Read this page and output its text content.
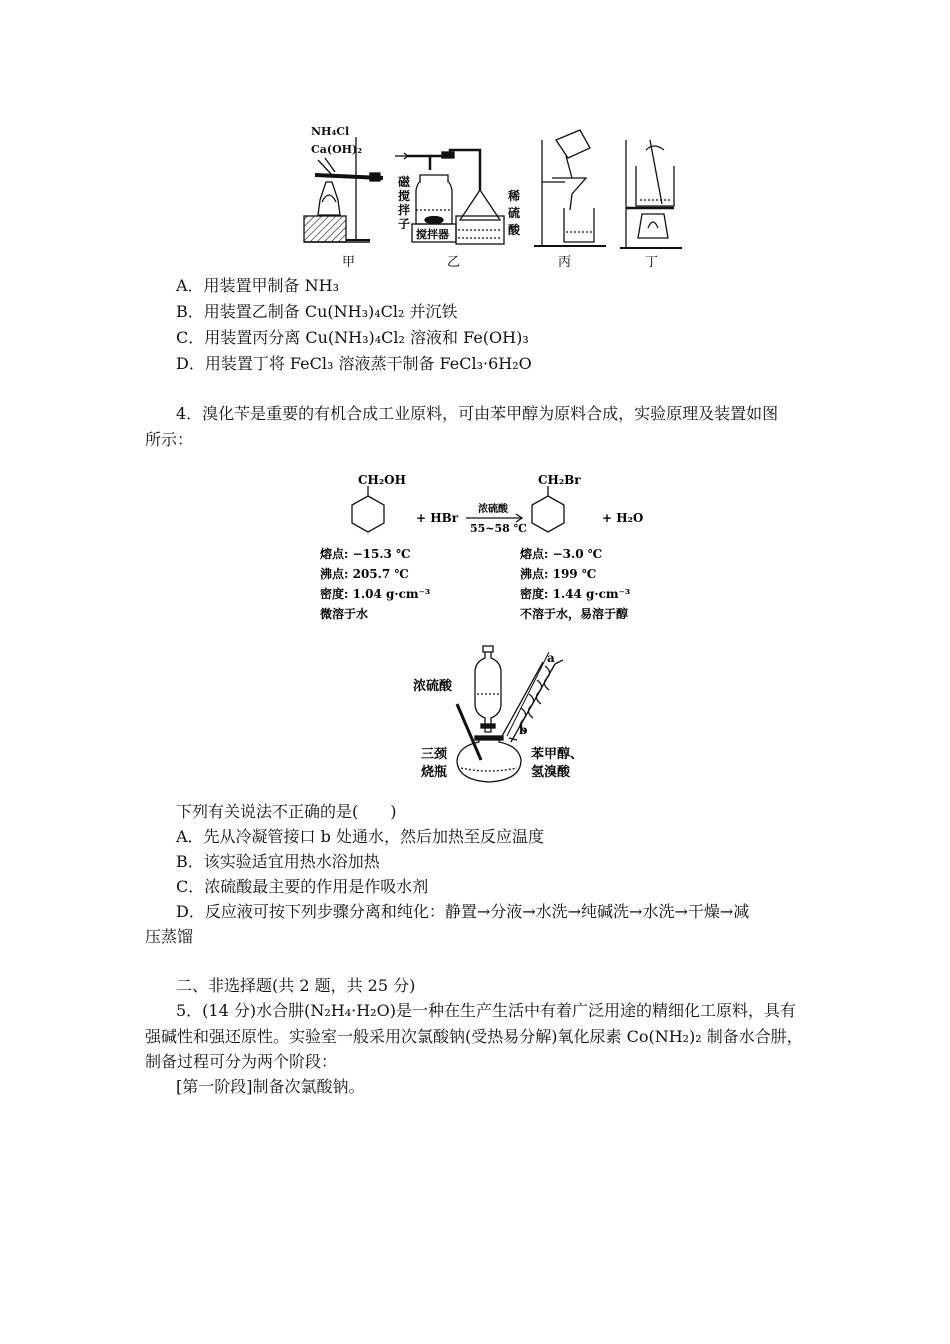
NH₄Cl
Ca(OH)₂
甲
磁
搅
拌
子
搅拌器
稀
硫
酸
乙	丙	丁
A．用装置甲制备 NH₃
B．用装置乙制备 Cu(NH₃)₄Cl₂ 并沉铁
C．用装置丙分离 Cu(NH₃)₄Cl₂ 溶液和 Fe(OH)₃
D．用装置丁将 FeCl₃ 溶液蒸干制备 FeCl₃·6H₂O
4．溴化苄是重要的有机合成工业原料，可由苯甲醇为原料合成，实验原理及装置如图
所示：
CH₂OH	CH₂Br
+ HBr	+ H₂O
浓硫酸
55~58 ℃
熔点: −15.3 ℃
沸点: 205.7 ℃
密度: 1.04 g·cm⁻³
微溶于水
熔点: −3.0 ℃
沸点: 199 ℃
密度: 1.44 g·cm⁻³
不溶于水，易溶于醇
浓硫酸
a
b
三颈
烧瓶
苯甲醇、
氢溴酸
下列有关说法不正确的是(　　)
A．先从冷凝管接口 b 处通水，然后加热至反应温度
B．该实验适宜用热水浴加热
C．浓硫酸最主要的作用是作吸水剂
D．反应液可按下列步骤分离和纯化：静置→分液→水洗→纯碱洗→水洗→干燥→减
压蒸馏
二、非选择题(共 2 题，共 25 分)
5．(14 分)水合肼(N₂H₄·H₂O)是一种在生产生活中有着广泛用途的精细化工原料，具有
强碱性和强还原性。实验室一般采用次氯酸钠(受热易分解)氧化尿素 Co(NH₂)₂ 制备水合肼，
制备过程可分为两个阶段：
[第一阶段]制备次氯酸钠。
